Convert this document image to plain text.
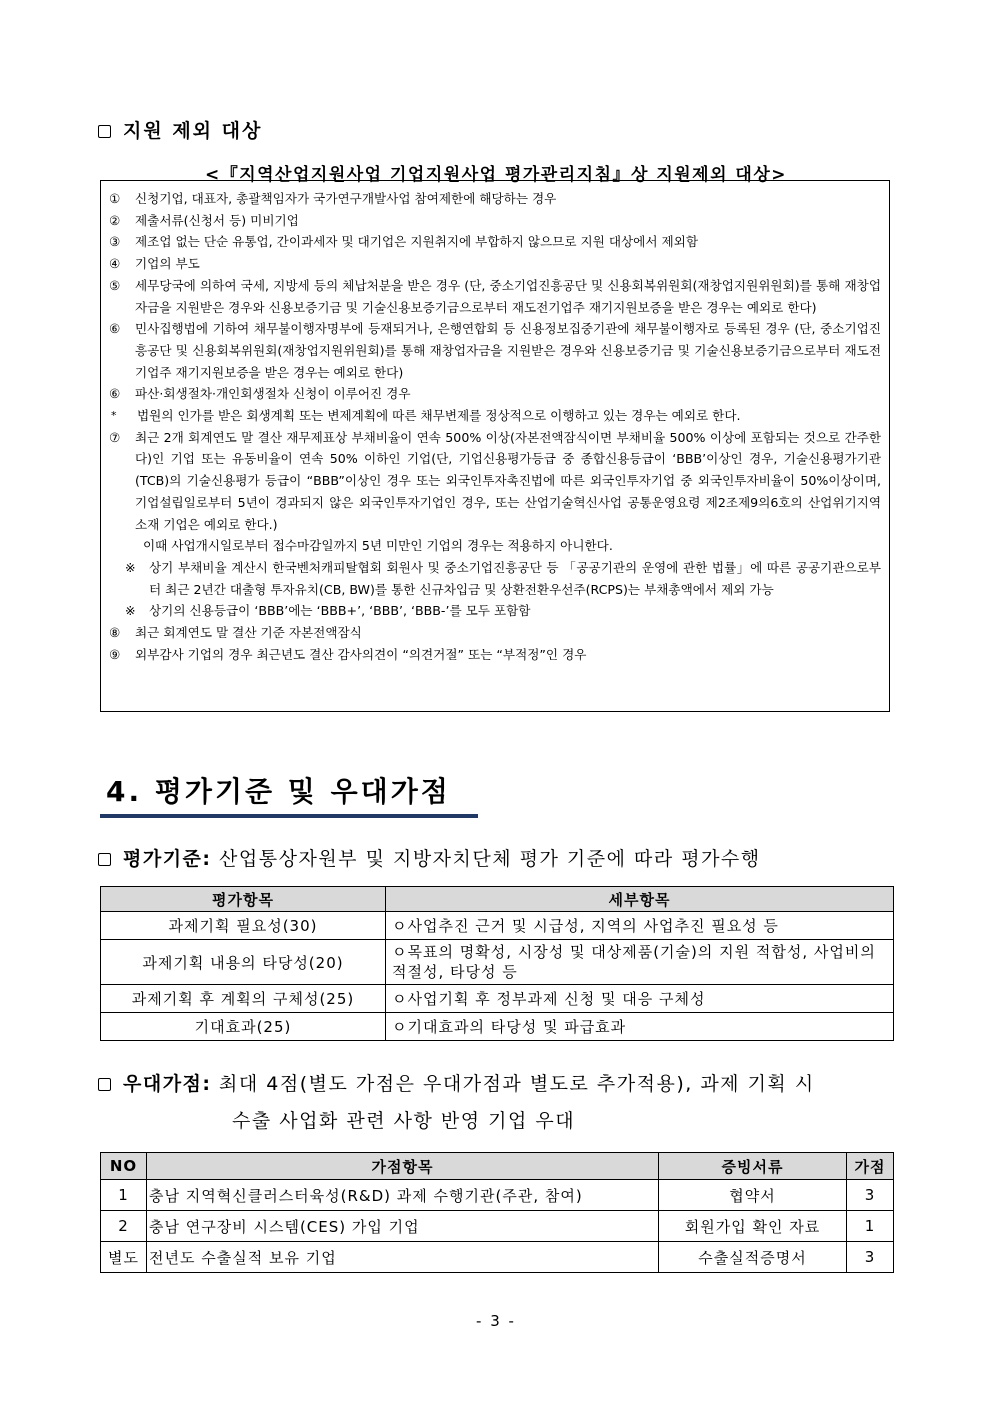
지원 제외 대상
<『지역산업지원사업 기업지원사업 평가관리지침』상 지원제외 대상>
① 신청기업, 대표자, 총괄책임자가 국가연구개발사업 참여제한에 해당하는 경우
② 제출서류(신청서 등) 미비기업
③ 제조업 없는 단순 유통업, 간이과세자 및 대기업은 지원취지에 부합하지 않으므로 지원 대상에서 제외함
④ 기업의 부도
⑤ 세무당국에 의하여 국세, 지방세 등의 체납처분을 받은 경우 (단, 중소기업진흥공단 및 신용회복위원회(재창업지원위원회)를 통해 재창업자금을 지원받은 경우와 신용보증기금 및 기술신용보증기금으로부터 재도전기업주 재기지원보증을 받은 경우는 예외로 한다)
⑥ 민사집행법에 기하여 채무불이행자명부에 등재되거나, 은행연합회 등 신용정보집중기관에 채무불이행자로 등록된 경우 (단, 중소기업진흥공단 및 신용회복위원회(재창업지원위원회)를 통해 재창업자금을 지원받은 경우와 신용보증기금 및 기술신용보증기금으로부터 재도전기업주 재기지원보증을 받은 경우는 예외로 한다)
⑥ 파산·회생절차·개인회생절차 신청이 이루어진 경우
* 법원의 인가를 받은 회생계획 또는 변제계획에 따른 채무변제를 정상적으로 이행하고 있는 경우는 예외로 한다.
⑦ 최근 2개 회계연도 말 결산 재무제표상 부채비율이 연속 500% 이상(자본전액잠식이면 부채비율 500% 이상에 포함되는 것으로 간주한다)인 기업 또는 유동비율이 연속 50% 이하인 기업(단, 기업신용평가등급 중 종합신용등급이 ‘BBB’이상인 경우, 기술신용평가기관(TCB)의 기술신용평가 등급이 “BBB”이상인 경우 또는 외국인투자촉진법에 따른 외국인투자기업 중 외국인투자비율이 50%이상이며, 기업설립일로부터 5년이 경과되지 않은 외국인투자기업인 경우, 또는 산업기술혁신사업 공통운영요령 제2조제9의6호의 산업위기지역 소재 기업은 예외로 한다.)
이때 사업개시일로부터 접수마감일까지 5년 미만인 기업의 경우는 적용하지 아니한다.
※ 상기 부채비율 계산시 한국벤처캐피탈협회 회원사 및 중소기업진흥공단 등 「공공기관의 운영에 관한 법률」에 따른 공공기관으로부터 최근 2년간 대출형 투자유치(CB, BW)를 통한 신규차입금 및 상환전환우선주(RCPS)는 부채총액에서 제외 가능
※ 상기의 신용등급이 ‘BBB’에는 ‘BBB+’, ‘BBB’, ‘BBB-’를 모두 포함함
⑧ 최근 회계연도 말 결산 기준 자본전액잠식
⑨ 외부감사 기업의 경우 최근년도 결산 감사의견이 “의견거절” 또는 “부적정”인 경우
4. 평가기준 및 우대가점
평가기준: 산업통상자원부 및 지방자치단체 평가 기준에 따라 평가수행
평가항목	세부항목
과제기획 필요성(30)	ㅇ사업추진 근거 및 시급성, 지역의 사업추진 필요성 등
과제기획 내용의 타당성(20)	ㅇ목표의 명확성, 시장성 및 대상제품(기술)의 지원 적합성, 사업비의 적절성, 타당성 등
과제기획 후 계획의 구체성(25)	ㅇ사업기획 후 정부과제 신청 및 대응 구체성
기대효과(25)	ㅇ기대효과의 타당성 및 파급효과
우대가점: 최대 4점(별도 가점은 우대가점과 별도로 추가적용), 과제 기획 시
수출 사업화 관련 사항 반영 기업 우대
NO	가점항목	증빙서류	가점
1	충남 지역혁신클러스터육성(R&D) 과제 수행기관(주관, 참여)	협약서	3
2	충남 연구장비 시스템(CES) 가입 기업	회원가입 확인 자료	1
별도	전년도 수출실적 보유 기업	수출실적증명서	3
- 3 -
